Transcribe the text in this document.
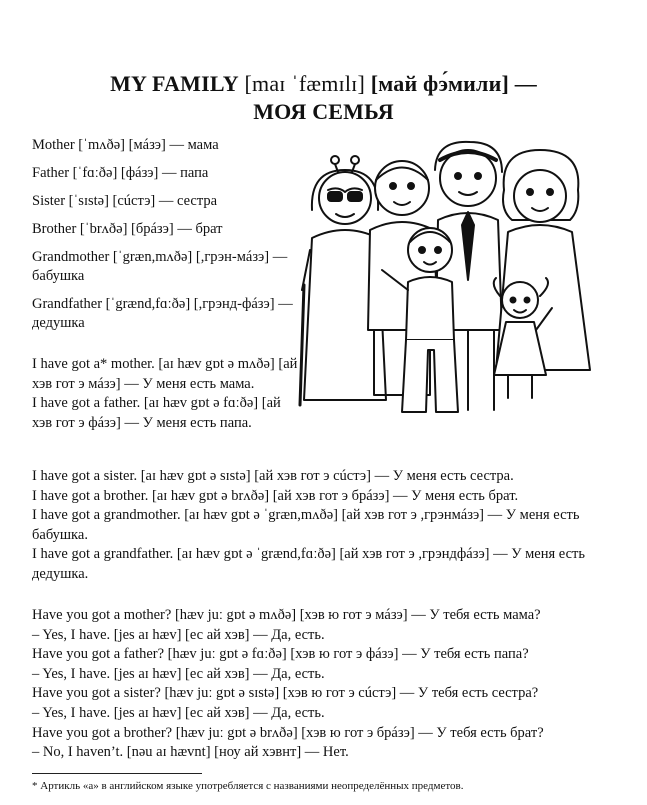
MY FAMILY [maɪ ˈfæmɪlɪ] [май фэ́мили] —
МОЯ СЕМЬЯ
Mother [ˈmʌðə] [мáзэ] — мама
Father [ˈfɑːðə] [фáзэ] — папа
Sister [ˈsɪstə] [сúстэ] — сестра
Brother [ˈbrʌðə] [брáзэ] — брат
Grandmother [ˈgræn,mʌðə] [,грэн-мáзэ] — бабушка
Grandfather [ˈgrænd,fɑːðə] [,грэнд-фáзэ] — дедушка
I have got a* mother. [aɪ hæv gɒt ə mʌðə] [ай хэв гот э мáзэ] — У меня есть мама.
I have got a father. [aɪ hæv gɒt ə fɑːðə] [ай хэв гот э фáзэ] — У меня есть папа.
I have got a sister. [aɪ hæv gɒt ə sɪstə] [ай хэв гот э сúстэ] — У меня есть сестра.
I have got a brother. [aɪ hæv gɒt ə brʌðə] [ай хэв гот э брáзэ] — У меня есть брат.
I have got a grandmother. [aɪ hæv gɒt ə ˈgræn,mʌðə] [ай хэв гот э ,грэнмáзэ] — У меня есть бабушка.
I have got a grandfather. [aɪ hæv gɒt ə ˈgrænd,fɑːðə] [ай хэв гот э ,грэндфáзэ] — У меня есть дедушка.
Have you got a mother? [hæv juː gɒt ə mʌðə] [хэв ю гот э мáзэ] — У тебя есть мама?
– Yes, I have. [jes aɪ hæv] [ес ай хэв] — Да, есть.
Have you got a father? [hæv juː gɒt ə fɑːðə] [хэв ю гот э фáзэ] — У тебя есть папа?
– Yes, I have. [jes aɪ hæv] [ес ай хэв] — Да, есть.
Have you got a sister? [hæv juː gɒt ə sɪstə] [хэв ю гот э сúстэ] — У тебя есть сестра?
– Yes, I have. [jes aɪ hæv] [ес ай хэв] — Да, есть.
Have you got a brother? [hæv juː gɒt ə brʌðə] [хэв ю гот э брáзэ] — У тебя есть брат?
– No, I haven’t. [nəu aɪ hævnt] [ноу ай хэвнт] — Нет.
* Артикль «а» в английском языке употребляется с названиями неопределённых предметов.
